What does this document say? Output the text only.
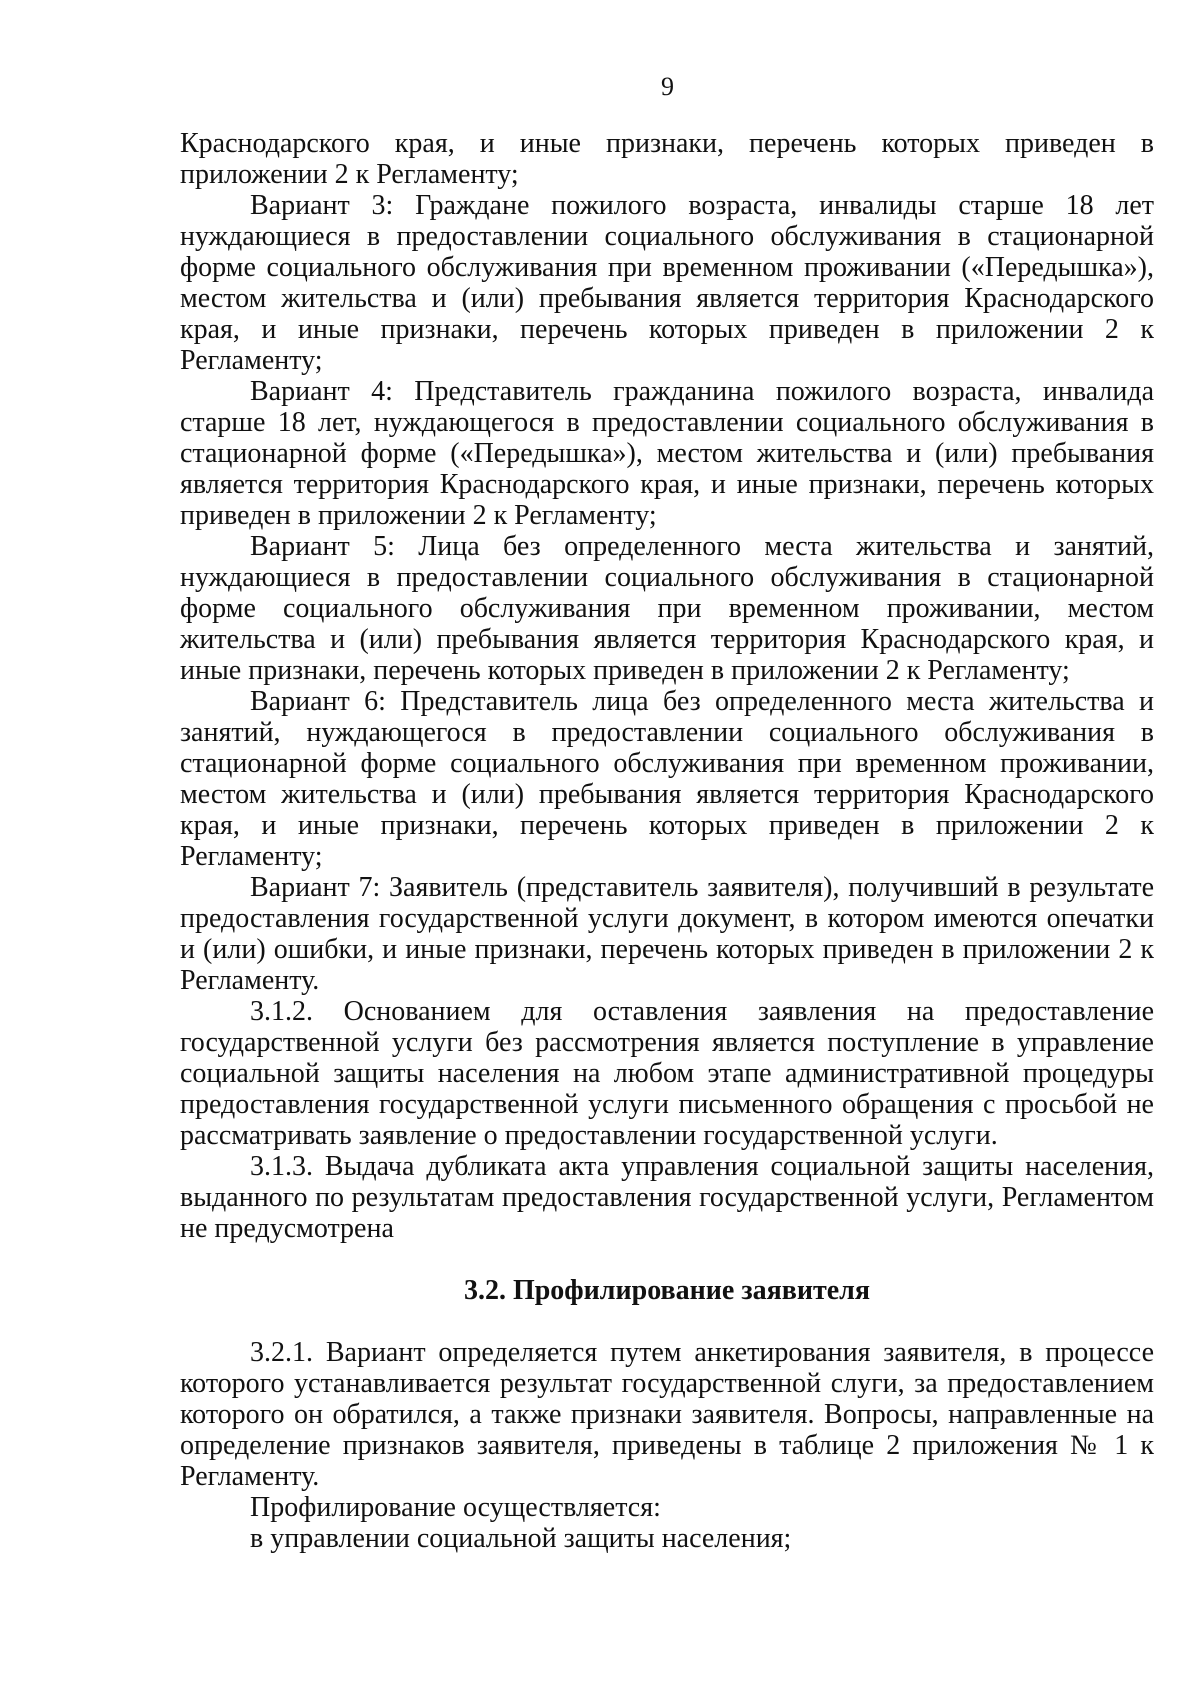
9

Краснодарского края, и иные признаки, перечень которых приведен в приложении 2 к Регламенту;

Вариант 3: Граждане пожилого возраста, инвалиды старше 18 лет нуждающиеся в предоставлении социального обслуживания в стационарной форме социального обслуживания при временном проживании («Передышка»), местом жительства и (или) пребывания является территория Краснодарского края, и иные признаки, перечень которых приведен в приложении 2 к Регламенту;

Вариант 4: Представитель гражданина пожилого возраста, инвалида старше 18 лет, нуждающегося в предоставлении социального обслуживания в стационарной форме («Передышка»), местом жительства и (или) пребывания является территория Краснодарского края, и иные признаки, перечень которых приведен в приложении 2 к Регламенту;

Вариант 5: Лица без определенного места жительства и занятий, нуждающиеся в предоставлении социального обслуживания в стационарной форме социального обслуживания при временном проживании, местом жительства и (или) пребывания является территория Краснодарского края, и иные признаки, перечень которых приведен в приложении 2 к Регламенту;

Вариант 6: Представитель лица без определенного места жительства и занятий, нуждающегося в предоставлении социального обслуживания в стационарной форме социального обслуживания при временном проживании, местом жительства и (или) пребывания является территория Краснодарского края, и иные признаки, перечень которых приведен в приложении 2 к Регламенту;

Вариант 7: Заявитель (представитель заявителя), получивший в результате предоставления государственной услуги документ, в котором имеются опечатки и (или) ошибки, и иные признаки, перечень которых приведен в приложении 2 к Регламенту.

3.1.2. Основанием для оставления заявления на предоставление государственной услуги без рассмотрения является поступление в управление социальной защиты населения на любом этапе административной процедуры предоставления государственной услуги письменного обращения с просьбой не рассматривать заявление о предоставлении государственной услуги.

3.1.3. Выдача дубликата акта управления социальной защиты населения, выданного по результатам предоставления государственной услуги, Регламентом не предусмотрена

3.2. Профилирование заявителя

3.2.1. Вариант определяется путем анкетирования заявителя, в процессе которого устанавливается результат государственной слуги, за предоставлением которого он обратился, а также признаки заявителя. Вопросы, направленные на определение признаков заявителя, приведены в таблице 2 приложения № 1 к Регламенту.

Профилирование осуществляется:

в управлении социальной защиты населения;
